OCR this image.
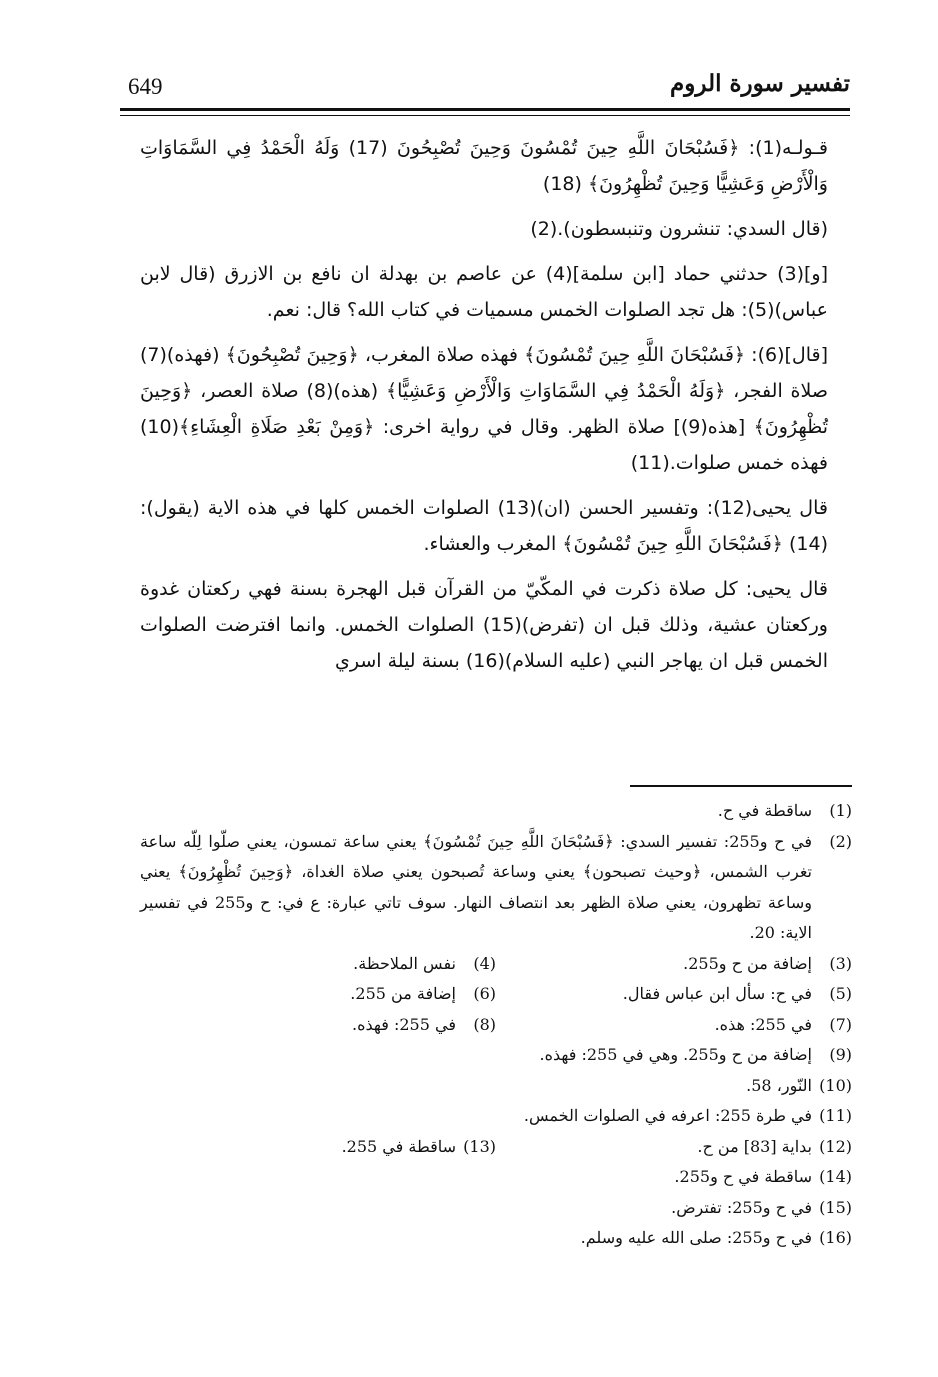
تفسير سورة الروم
649

قـولـه(1): ﴿فَسُبْحَانَ اللَّهِ حِينَ تُمْسُونَ وَحِينَ تُصْبِحُونَ (17) وَلَهُ الْحَمْدُ فِي السَّمَاوَاتِ وَالْأَرْضِ وَعَشِيًّا وَحِينَ تُظْهِرُونَ﴾ (18)

(قال السدي: تنشرون وتنبسطون).(2)

[و](3) حدثني حماد [ابن سلمة](4) عن عاصم بن بهدلة ان نافع بن الازرق (قال لابن عباس)(5): هل تجد الصلوات الخمس مسميات في كتاب الله؟ قال: نعم.

[قال](6): ﴿فَسُبْحَانَ اللَّهِ حِينَ تُمْسُونَ﴾ فهذه صلاة المغرب، ﴿وَحِينَ تُصْبِحُونَ﴾ (فهذه)(7) صلاة الفجر، ﴿وَلَهُ الْحَمْدُ فِي السَّمَاوَاتِ وَالْأَرْضِ وَعَشِيًّا﴾ (هذه)(8) صلاة العصر، ﴿وَحِينَ تُظْهِرُونَ﴾ [هذه(9)] صلاة الظهر. وقال في رواية اخرى: ﴿وَمِنْ بَعْدِ صَلَاةِ الْعِشَاءِ﴾(10) فهذه خمس صلوات.(11)

قال يحيى(12): وتفسير الحسن (ان)(13) الصلوات الخمس كلها في هذه الاية (يقول):(14) ﴿فَسُبْحَانَ اللَّهِ حِينَ تُمْسُونَ﴾ المغرب والعشاء.

قال يحيى: كل صلاة ذكرت في المكّيّ من القرآن قبل الهجرة بسنة فهي ركعتان غدوة وركعتان عشية، وذلك قبل ان (تفرض)(15) الصلوات الخمس. وانما افترضت الصلوات الخمس قبل ان يهاجر النبي (عليه السلام)(16) بسنة ليلة اسري

(1)
ساقطة في ح.
(2)
في ح و255: تفسير السدي: ﴿فَسُبْحَانَ اللَّهِ حِينَ تُمْسُونَ﴾ يعني ساعة تمسون، يعني صلّوا لِلّه ساعة تغرب الشمس، ﴿وحيث تصبحون﴾ يعني وساعة تُصبحون يعني صلاة الغداة، ﴿وَحِينَ تُظْهِرُونَ﴾ يعني وساعة تظهرون، يعني صلاة الظهر بعد انتصاف النهار. سوف تاتي عبارة: ع في: ح و255 في تفسير الاية: 20.
(3)
إضافة من ح و255.
(4)
نفس الملاحظة.
(5)
في ح: سأل ابن عباس فقال.
(6)
إضافة من 255.
(7)
في 255: هذه.
(8)
في 255: فهذه.
(9)
إضافة من ح و255. وهي في 255: فهذه.
(10)
النّور، 58.
(11)
في طرة 255: اعرفه في الصلوات الخمس.
(12)
بداية [83] من ح.
(13)
ساقطة في 255.
(14)
ساقطة في ح و255.
(15)
في ح و255: تفترض.
(16)
في ح و255: صلى الله عليه وسلم.
